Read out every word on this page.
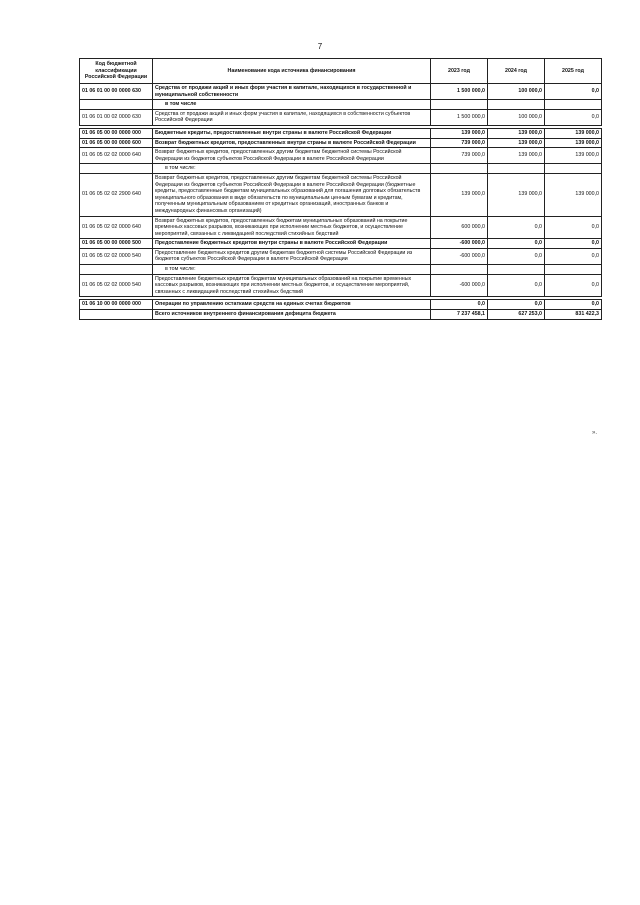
7
Код бюджетной классификации Российской Федерации	Наименование кода источника финансирования	2023 год	2024 год	2025 год
01 06 01 00 00 0000 630	Средства от продажи акций и иных форм участия в капитале, находящихся в государственной и муниципальной собственности	1 500 000,0	100 000,0	0,0
	в том числе			
01 06 01 00 02 0000 630	Средства от продажи акций и иных форм участия в капитале, находящихся в собственности субъектов Российской Федерации	1 500 000,0	100 000,0	0,0

01 06 05 00 00 0000 000	Бюджетные кредиты, предоставленные внутри страны в валюте Российской Федерации	139 000,0	139 000,0	139 000,0
01 06 05 00 00 0000 600	Возврат бюджетных кредитов, предоставленных внутри страны в валюте Российской Федерации	739 000,0	139 000,0	139 000,0
01 06 05 02 02 0000 640	Возврат бюджетных кредитов, предоставленных другим бюджетам бюджетной системы Российской Федерации из бюджетов субъектов Российской Федерации в валюте Российской Федерации	739 000,0	139 000,0	139 000,0
	в том числе:			
01 06 05 02 02 2900 640	Возврат бюджетных кредитов, предоставленных другим бюджетам бюджетной системы Российской Федерации из бюджетов субъектов Российской Федерации в валюте Российской Федерации (бюджетные кредиты, предоставленные бюджетам муниципальных образований для погашения долговых обязательств муниципального образования в виде обязательств по муниципальным ценным бумагам и кредитам, полученным муниципальным образованием от кредитных организаций, иностранных банков и международных финансовых организаций)	139 000,0	139 000,0	139 000,0
01 06 05 02 02 0000 640	Возврат бюджетных кредитов, предоставленных бюджетам муниципальных образований на покрытие временных кассовых разрывов, возникающих при исполнении местных бюджетов, и осуществление мероприятий, связанных с ликвидацией последствий стихийных бедствий	600 000,0	0,0	0,0
01 06 05 00 00 0000 500	Предоставление бюджетных кредитов внутри страны в валюте Российской Федерации	-600 000,0	0,0	0,0
01 06 05 02 02 0000 540	Предоставление бюджетных кредитов другим бюджетам бюджетной системы Российской Федерации из бюджетов субъектов Российской Федерации в валюте Российской Федерации	-600 000,0	0,0	0,0
	в том числе:			
01 06 05 02 02 0000 540	Предоставление бюджетных кредитов бюджетам муниципальных образований на покрытие временных кассовых разрывов, возникающих при исполнении местных бюджетов, и осуществление мероприятий, связанных с ликвидацией последствий стихийных бедствий	-600 000,0	0,0	0,0

01 06 10 00 00 0000 000	Операции по управлению остатками средств на единых счетах бюджетов	0,0	0,0	0,0
	Всего источников внутреннего финансирования дефицита бюджета	7 237 458,1	627 253,0	831 422,3
».
